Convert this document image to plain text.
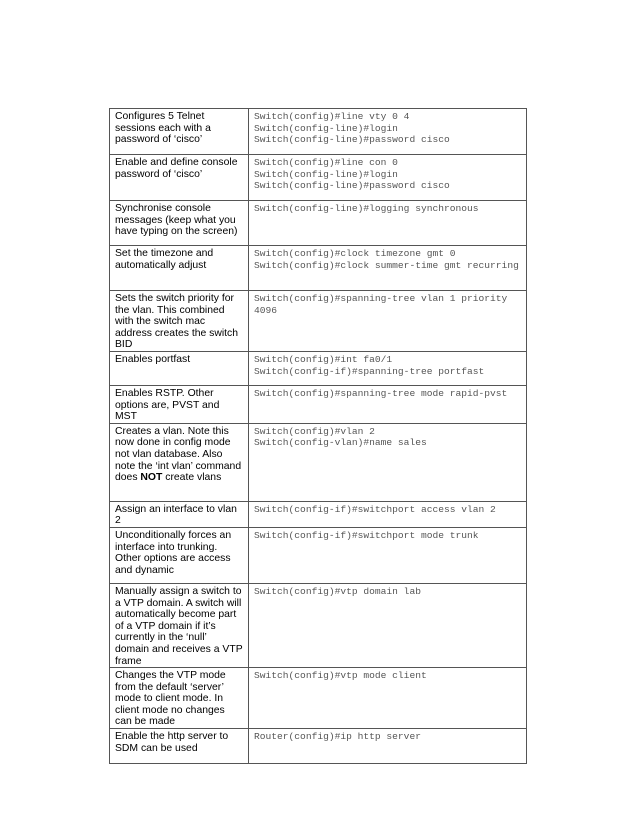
Configures 5 Telnet sessions each with a password of ‘cisco’	Switch(config)#line vty 0 4
Switch(config-line)#login
Switch(config-line)#password cisco

Enable and define console password of ‘cisco’	Switch(config)#line con 0
Switch(config-line)#login
Switch(config-line)#password cisco

Synchronise console messages (keep what you have typing on the screen)	Switch(config-line)#logging synchronous

Set the timezone and automatically adjust	Switch(config)#clock timezone gmt 0
Switch(config)#clock summer-time gmt recurring

Sets the switch priority for the vlan. This combined with the switch mac address creates the switch BID	Switch(config)#spanning-tree vlan 1 priority 4096

Enables portfast	Switch(config)#int fa0/1
Switch(config-if)#spanning-tree portfast

Enables RSTP. Other options are, PVST and MST	Switch(config)#spanning-tree mode rapid-pvst

Creates a vlan. Note this now done in config mode not vlan database. Also note the ‘int vlan’ command does NOT create vlans	Switch(config)#vlan 2
Switch(config-vlan)#name sales

Assign an interface to vlan 2	Switch(config-if)#switchport access vlan 2

Unconditionally forces an interface into trunking. Other options are access and dynamic	Switch(config-if)#switchport mode trunk

Manually assign a switch to a VTP domain. A switch will automatically become part of a VTP domain if it’s currently in the ‘null’ domain and receives a VTP frame	Switch(config)#vtp domain lab

Changes the VTP mode from the default ‘server’ mode to client mode. In client mode no changes can be made	Switch(config)#vtp mode client

Enable the http server to SDM can be used	Router(config)#ip http server
